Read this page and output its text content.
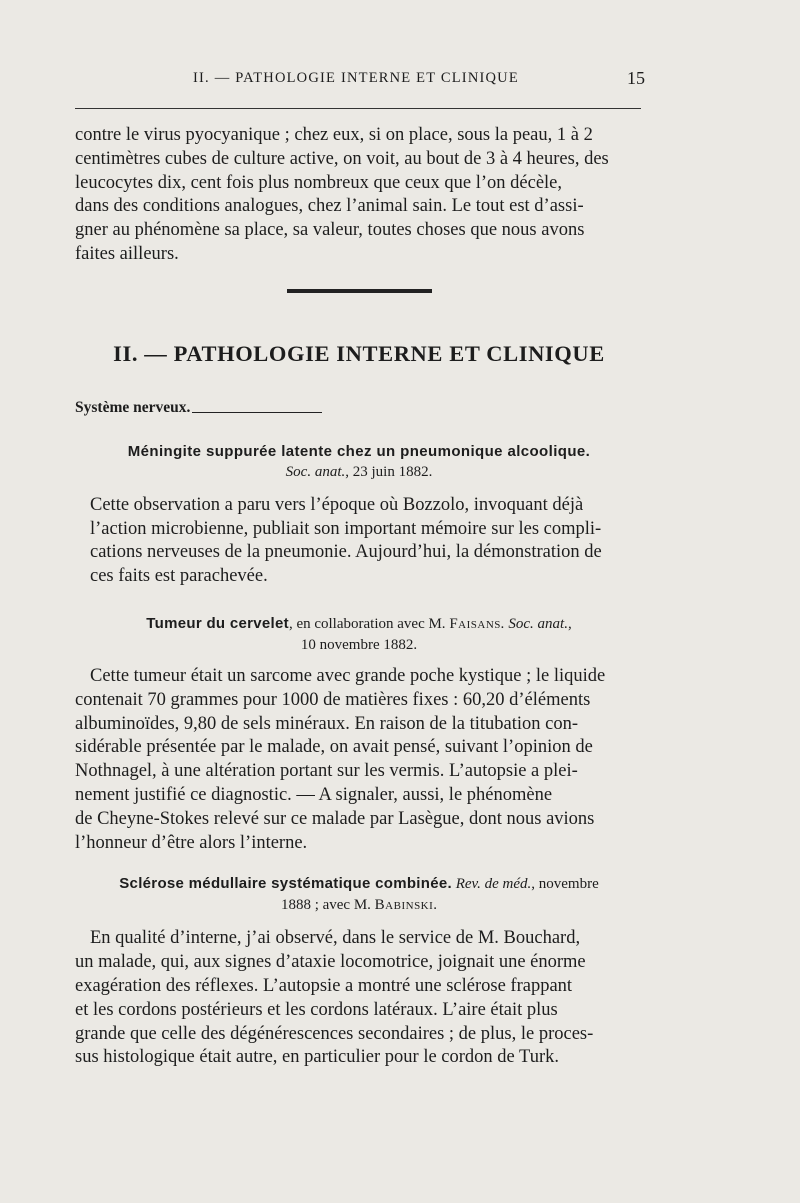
II. — PATHOLOGIE INTERNE ET CLINIQUE	15
contre le virus pyocyanique ; chez eux, si on place, sous la peau, 1 à 2
centimètres cubes de culture active, on voit, au bout de 3 à 4 heures, des
leucocytes dix, cent fois plus nombreux que ceux que l’on décèle,
dans des conditions analogues, chez l’animal sain. Le tout est d’assi-
gner au phénomène sa place, sa valeur, toutes choses que nous avons
faites ailleurs.
II. — PATHOLOGIE INTERNE ET CLINIQUE
Système nerveux.
Méningite suppurée latente chez un pneumonique alcoolique.
Soc. anat., 23 juin 1882.
Cette observation a paru vers l’époque où Bozzolo, invoquant déjà
l’action microbienne, publiait son important mémoire sur les compli-
cations nerveuses de la pneumonie. Aujourd’hui, la démonstration de
ces faits est parachevée.
Tumeur du cervelet, en collaboration avec M. Faisans. Soc. anat.,
10 novembre 1882.
Cette tumeur était un sarcome avec grande poche kystique ; le liquide
contenait 70 grammes pour 1000 de matières fixes : 60,20 d’éléments
albuminoïdes, 9,80 de sels minéraux. En raison de la titubation con-
sidérable présentée par le malade, on avait pensé, suivant l’opinion de
Nothnagel, à une altération portant sur les vermis. L’autopsie a plei-
nement justifié ce diagnostic. — A signaler, aussi, le phénomène
de Cheyne-Stokes relevé sur ce malade par Lasègue, dont nous avions
l’honneur d’être alors l’interne.
Sclérose médullaire systématique combinée. Rev. de méd., novembre
1888 ; avec M. Babinski.
En qualité d’interne, j’ai observé, dans le service de M. Bouchard,
un malade, qui, aux signes d’ataxie locomotrice, joignait une énorme
exagération des réflexes. L’autopsie a montré une sclérose frappant
et les cordons postérieurs et les cordons latéraux. L’aire était plus
grande que celle des dégénérescences secondaires ; de plus, le proces-
sus histologique était autre, en particulier pour le cordon de Turk.
